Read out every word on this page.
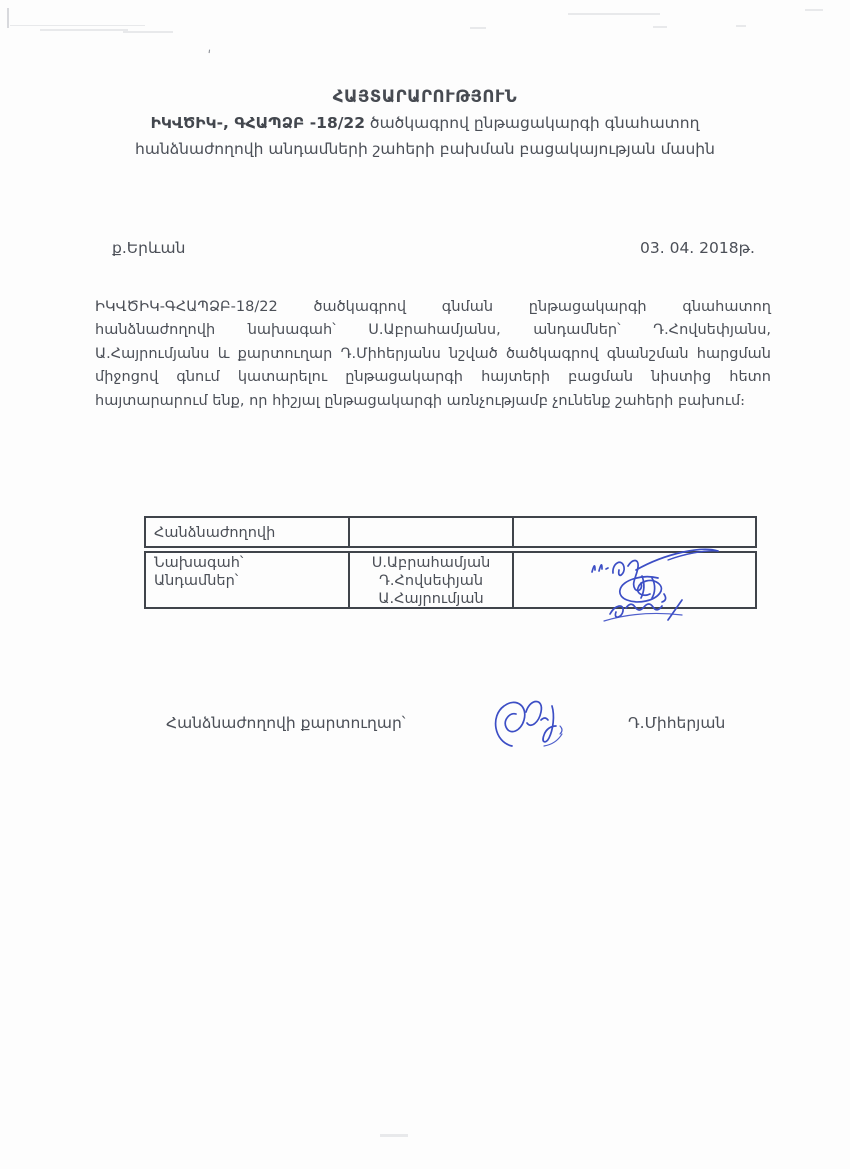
'
ՀԱՅՏԱՐԱՐՈՒԹՅՈՒՆ
ԻԿՎԾԻԿ-, ԳՀԱՊՁԲ -18/22 ծածկագրով ընթացակարգի գնահատող
հանձնաժողովի անդամների շահերի բախման բացակայության մասին
ք.Երևան	03. 04. 2018թ.
ԻԿՎԾԻԿ-ԳՀԱՊՁԲ-18/22 ծածկագրով գնման ընթացակարգի գնահատող
հանձնաժողովի նախագահ՝ Ս.Աբրահամյանս, անդամներ՝ Դ.Հովսեփյանս,
Ա.Հայրումյանս և քարտուղար Դ.Միհերյանս նշված ծածկագրով գնանշման հարցման
միջոցով գնում կատարելու ընթացակարգի հայտերի բացման նիստից հետո
հայտարարում ենք, որ հիշյալ ընթացակարգի առնչությամբ չունենք շահերի բախում։
Հանձնաժողովի
Նախագահ՝	Ս.Աբրահամյան
Անդամներ՝	Դ.Հովսեփյան
Ա.Հայրումյան
Հանձնաժողովի քարտուղար՝	Դ.Միհերյան
